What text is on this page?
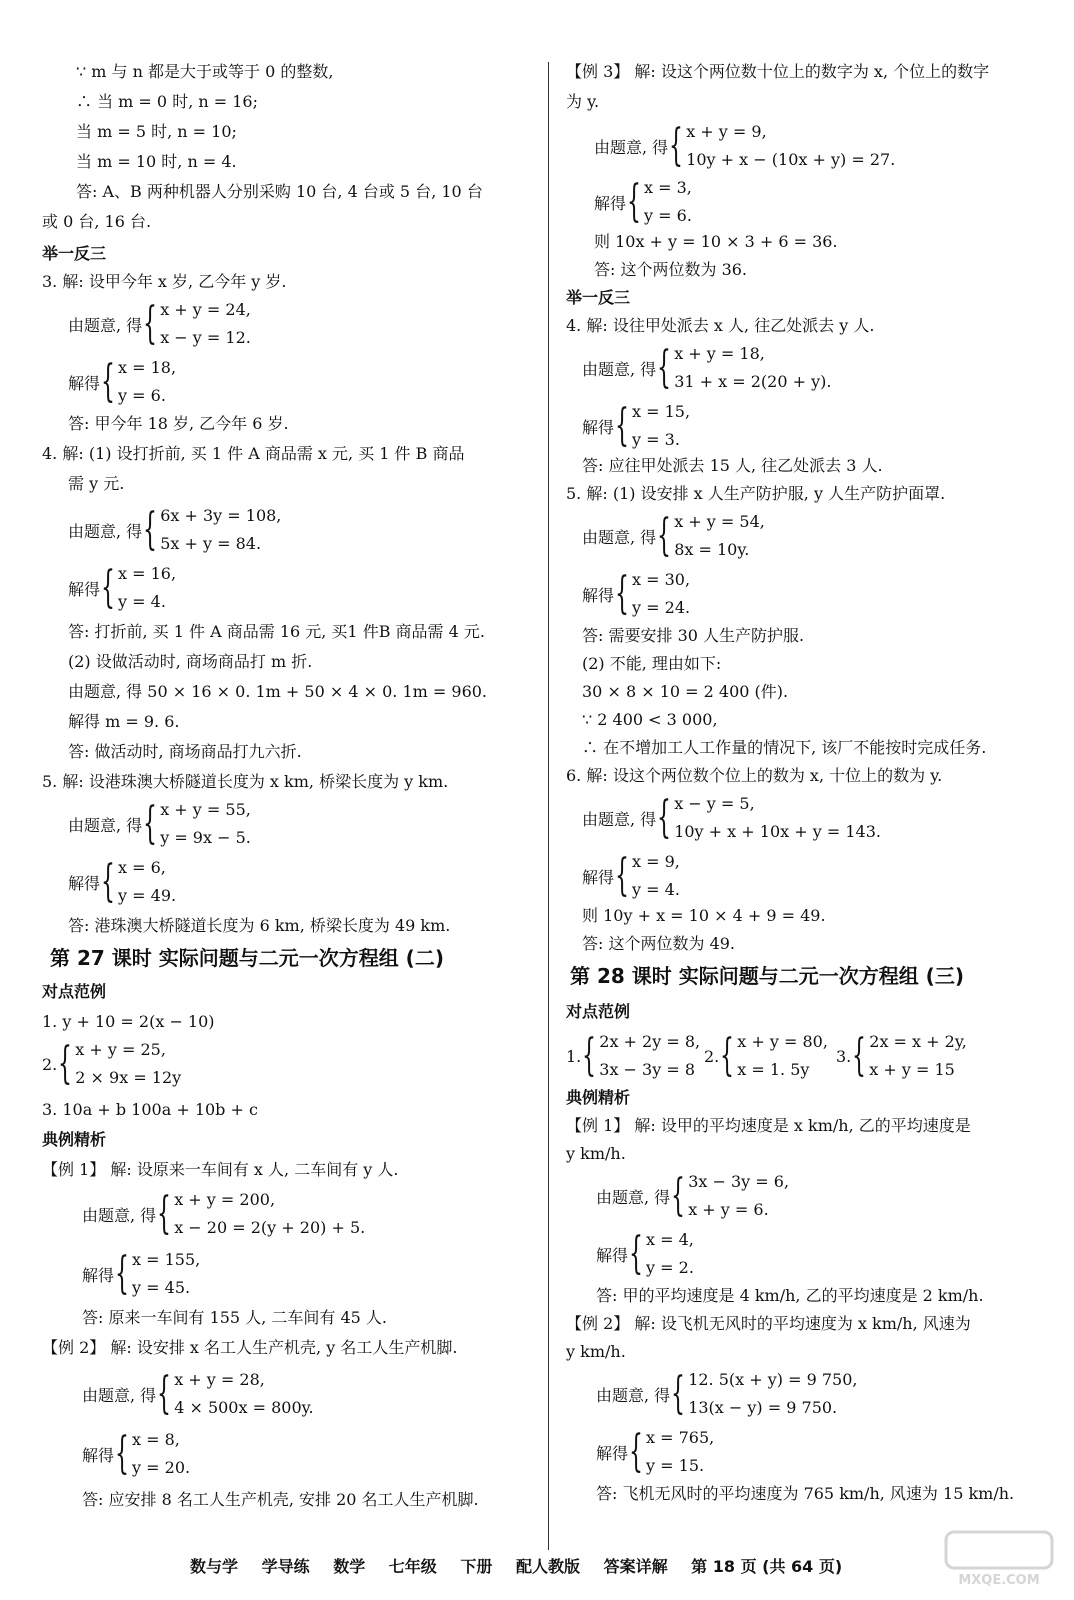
∵ m 与 n 都是大于或等于 0 的整数,
∴ 当 m = 0 时, n = 16;
当 m = 5 时, n = 10;
当 m = 10 时, n = 4.
答: A、B 两种机器人分别采购 10 台, 4 台或 5 台, 10 台
或 0 台, 16 台.
举一反三
3. 解: 设甲今年 x 岁, 乙今年 y 岁.
由题意, 得{ x + y = 24,
x − y = 12.
解得{ x = 18,
y = 6.
答: 甲今年 18 岁, 乙今年 6 岁.
4. 解: (1) 设打折前, 买 1 件 A 商品需 x 元, 买 1 件 B 商品
需 y 元.
由题意, 得{ 6x + 3y = 108,
5x + y = 84.
解得{ x = 16,
y = 4.
答: 打折前, 买 1 件 A 商品需 16 元, 买1 件B 商品需 4 元.
(2) 设做活动时, 商场商品打 m 折.
由题意, 得 50 × 16 × 0. 1m + 50 × 4 × 0. 1m = 960.
解得 m = 9. 6.
答: 做活动时, 商场商品打九六折.
5. 解: 设港珠澳大桥隧道长度为 x km, 桥梁长度为 y km.
由题意, 得{ x + y = 55,
y = 9x − 5.
解得{ x = 6,
y = 49.
答: 港珠澳大桥隧道长度为 6 km, 桥梁长度为 49 km.
第 27 课时 实际问题与二元一次方程组 (二)
对点范例
1. y + 10 = 2(x − 10)
2.{ x + y = 25,
2 × 9x = 12y
3. 10a + b 100a + 10b + c
典例精析
【例 1】 解: 设原来一车间有 x 人, 二车间有 y 人.
由题意, 得{ x + y = 200,
x − 20 = 2(y + 20) + 5.
解得{ x = 155,
y = 45.
答: 原来一车间有 155 人, 二车间有 45 人.
【例 2】 解: 设安排 x 名工人生产机壳, y 名工人生产机脚.
由题意, 得{ x + y = 28,
4 × 500x = 800y.
解得{ x = 8,
y = 20.
答: 应安排 8 名工人生产机壳, 安排 20 名工人生产机脚.
【例 3】 解: 设这个两位数十位上的数字为 x, 个位上的数字
为 y.
由题意, 得{ x + y = 9,
10y + x − (10x + y) = 27.
解得{ x = 3,
y = 6.
则 10x + y = 10 × 3 + 6 = 36.
答: 这个两位数为 36.
举一反三
4. 解: 设往甲处派去 x 人, 往乙处派去 y 人.
由题意, 得{ x + y = 18,
31 + x = 2(20 + y).
解得{ x = 15,
y = 3.
答: 应往甲处派去 15 人, 往乙处派去 3 人.
5. 解: (1) 设安排 x 人生产防护服, y 人生产防护面罩.
由题意, 得{ x + y = 54,
8x = 10y.
解得{ x = 30,
y = 24.
答: 需要安排 30 人生产防护服.
(2) 不能, 理由如下:
30 × 8 × 10 = 2 400 (件).
∵ 2 400 < 3 000,
∴ 在不增加工人工作量的情况下, 该厂不能按时完成任务.
6. 解: 设这个两位数个位上的数为 x, 十位上的数为 y.
由题意, 得{ x − y = 5,
10y + x + 10x + y = 143.
解得{ x = 9,
y = 4.
则 10y + x = 10 × 4 + 9 = 49.
答: 这个两位数为 49.
第 28 课时 实际问题与二元一次方程组 (三)
对点范例
1.{ 2x + 2y = 8,
3x − 3y = 8
2.{ x + y = 80,
x = 1. 5y
3.{ 2x = x + 2y,
x + y = 15
典例精析
【例 1】 解: 设甲的平均速度是 x km/h, 乙的平均速度是
y km/h.
由题意, 得{ 3x − 3y = 6,
x + y = 6.
解得{ x = 4,
y = 2.
答: 甲的平均速度是 4 km/h, 乙的平均速度是 2 km/h.
【例 2】 解: 设飞机无风时的平均速度为 x km/h, 风速为
y km/h.
由题意, 得{ 12. 5(x + y) = 9 750,
13(x − y) = 9 750.
解得{ x = 765,
y = 15.
答: 飞机无风时的平均速度为 765 km/h, 风速为 15 km/h.
数与学 学导练 数学 七年级 下册 配人教版 答案详解 第 18 页 (共 64 页)
MXQE.COM
